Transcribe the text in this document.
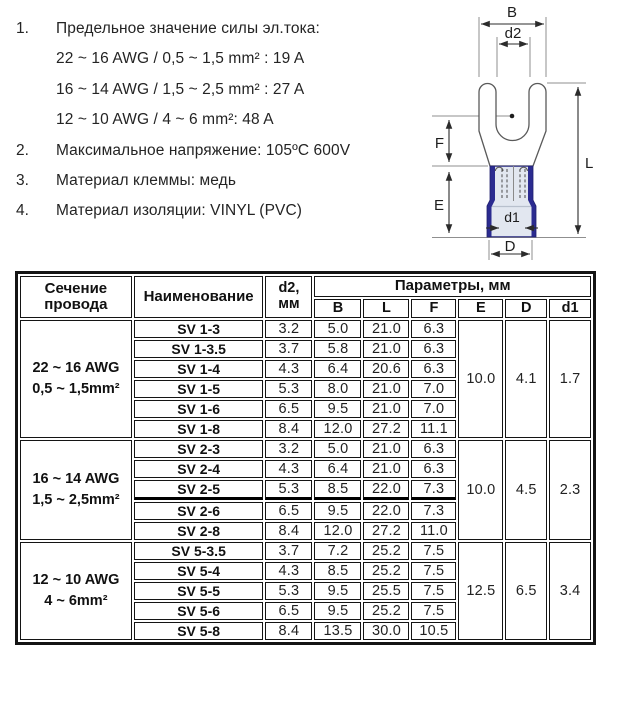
1.	Предельное значение силы эл.тока:
22 ~ 16 AWG / 0,5 ~ 1,5 mm² : 19 A
16 ~ 14 AWG / 1,5 ~ 2,5 mm² : 27 A
12 ~ 10 AWG / 4 ~ 6 mm²: 48 A
2.	Максимальное напряжение: 105ºC 600V
3.	Материал клеммы: медь
4.	Материал изоляции: VINYL (PVC)
B
d2
F
E
L
d1
D
Сечение провода	Наименование	d2, мм	Параметры, мм					
			B	L	F	E	D	d1
22 ~ 16 AWG
0,5 ~ 1,5mm²	SV 1-3	3.2	5.0	21.0	6.3	10.0	4.1	1.7
	SV 1-3.5	3.7	5.8	21.0	6.3			
	SV 1-4	4.3	6.4	20.6	6.3			
	SV 1-5	5.3	8.0	21.0	7.0			
	SV 1-6	6.5	9.5	21.0	7.0			
	SV 1-8	8.4	12.0	27.2	11.1			
16 ~ 14 AWG
1,5 ~ 2,5mm²	SV 2-3	3.2	5.0	21.0	6.3	10.0	4.5	2.3
	SV 2-4	4.3	6.4	21.0	6.3			
	SV 2-5	5.3	8.5	22.0	7.3			
	SV 2-6	6.5	9.5	22.0	7.3			
	SV 2-8	8.4	12.0	27.2	11.0			
12 ~ 10 AWG
4 ~ 6mm²	SV 5-3.5	3.7	7.2	25.2	7.5	12.5	6.5	3.4
	SV 5-4	4.3	8.5	25.2	7.5			
	SV 5-5	5.3	9.5	25.5	7.5			
	SV 5-6	6.5	9.5	25.2	7.5			
	SV 5-8	8.4	13.5	30.0	10.5			
